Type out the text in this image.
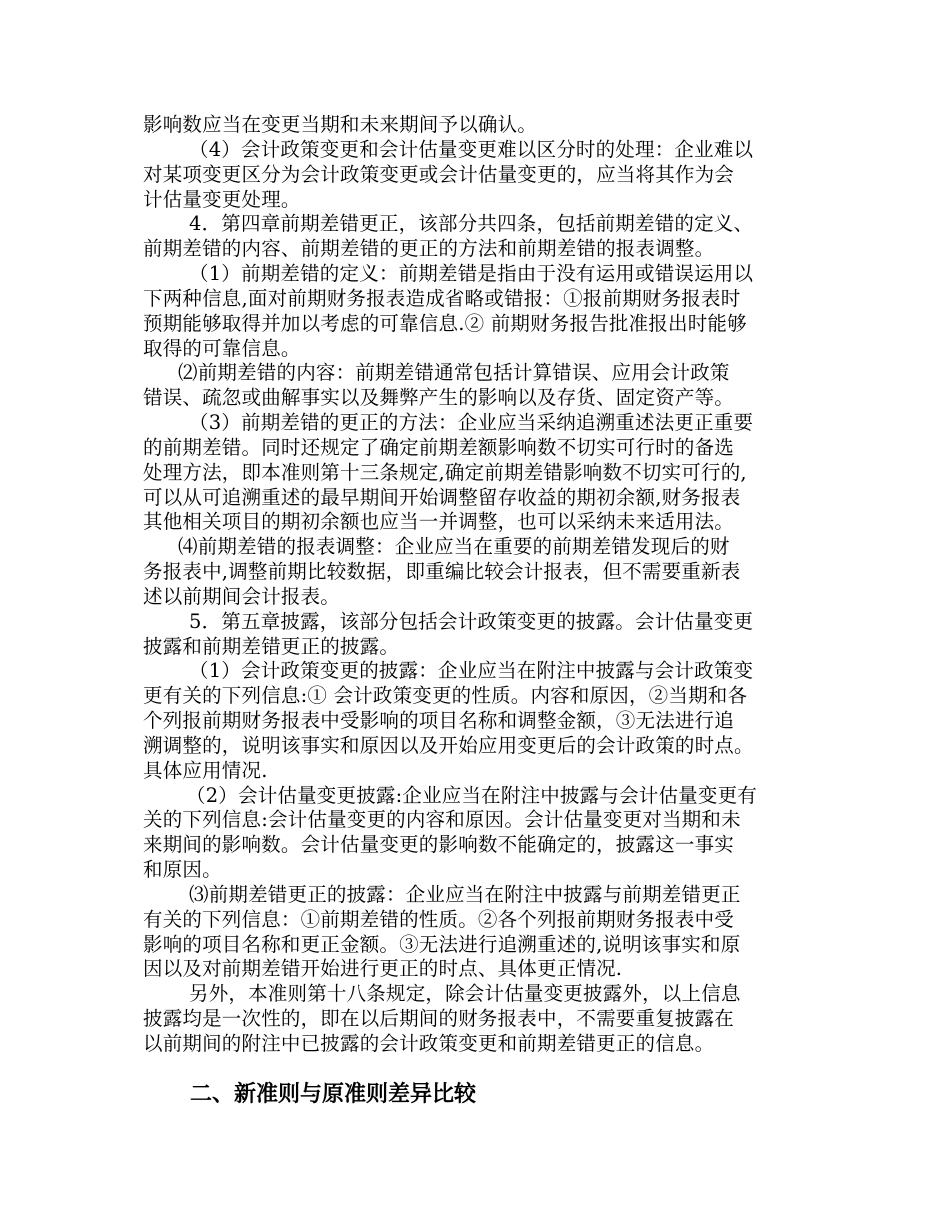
影响数应当在变更当期和未来期间予以确认。
（4）会计政策变更和会计估量变更难以区分时的处理：企业难以
对某项变更区分为会计政策变更或会计估量变更的，应当将其作为会
计估量变更处理。
4．第四章前期差错更正，该部分共四条，包括前期差错的定义、
前期差错的内容、前期差错的更正的方法和前期差错的报表调整。
（1）前期差错的定义：前期差错是指由于没有运用或错误运用以
下两种信息,面对前期财务报表造成省略或错报：①报前期财务报表时
预期能够取得并加以考虑的可靠信息.② 前期财务报告批准报出时能够
取得的可靠信息。
⑵前期差错的内容：前期差错通常包括计算错误、应用会计政策
错误、疏忽或曲解事实以及舞弊产生的影响以及存货、固定资产等。
（3）前期差错的更正的方法：企业应当采纳追溯重述法更正重要
的前期差错。同时还规定了确定前期差额影响数不切实可行时的备选
处理方法，即本准则第十三条规定,确定前期差错影响数不切实可行的,
可以从可追溯重述的最早期间开始调整留存收益的期初余额,财务报表
其他相关项目的期初余额也应当一并调整，也可以采纳未来适用法。
⑷前期差错的报表调整：企业应当在重要的前期差错发现后的财
务报表中,调整前期比较数据，即重编比较会计报表，但不需要重新表
述以前期间会计报表。
5．第五章披露，该部分包括会计政策变更的披露。会计估量变更
披露和前期差错更正的披露。
（1）会计政策变更的披露：企业应当在附注中披露与会计政策变
更有关的下列信息:① 会计政策变更的性质。内容和原因，②当期和各
个列报前期财务报表中受影响的项目名称和调整金额，③无法进行追
溯调整的，说明该事实和原因以及开始应用变更后的会计政策的时点。
具体应用情况.
（2）会计估量变更披露:企业应当在附注中披露与会计估量变更有
关的下列信息:会计估量变更的内容和原因。会计估量变更对当期和未
来期间的影响数。会计估量变更的影响数不能确定的，披露这一事实
和原因。
⑶前期差错更正的披露：企业应当在附注中披露与前期差错更正
有关的下列信息：①前期差错的性质。②各个列报前期财务报表中受
影响的项目名称和更正金额。③无法进行追溯重述的,说明该事实和原
因以及对前期差错开始进行更正的时点、具体更正情况.
另外，本准则第十八条规定，除会计估量变更披露外，以上信息
披露均是一次性的，即在以后期间的财务报表中，不需要重复披露在
以前期间的附注中已披露的会计政策变更和前期差错更正的信息。
二、新准则与原准则差异比较
